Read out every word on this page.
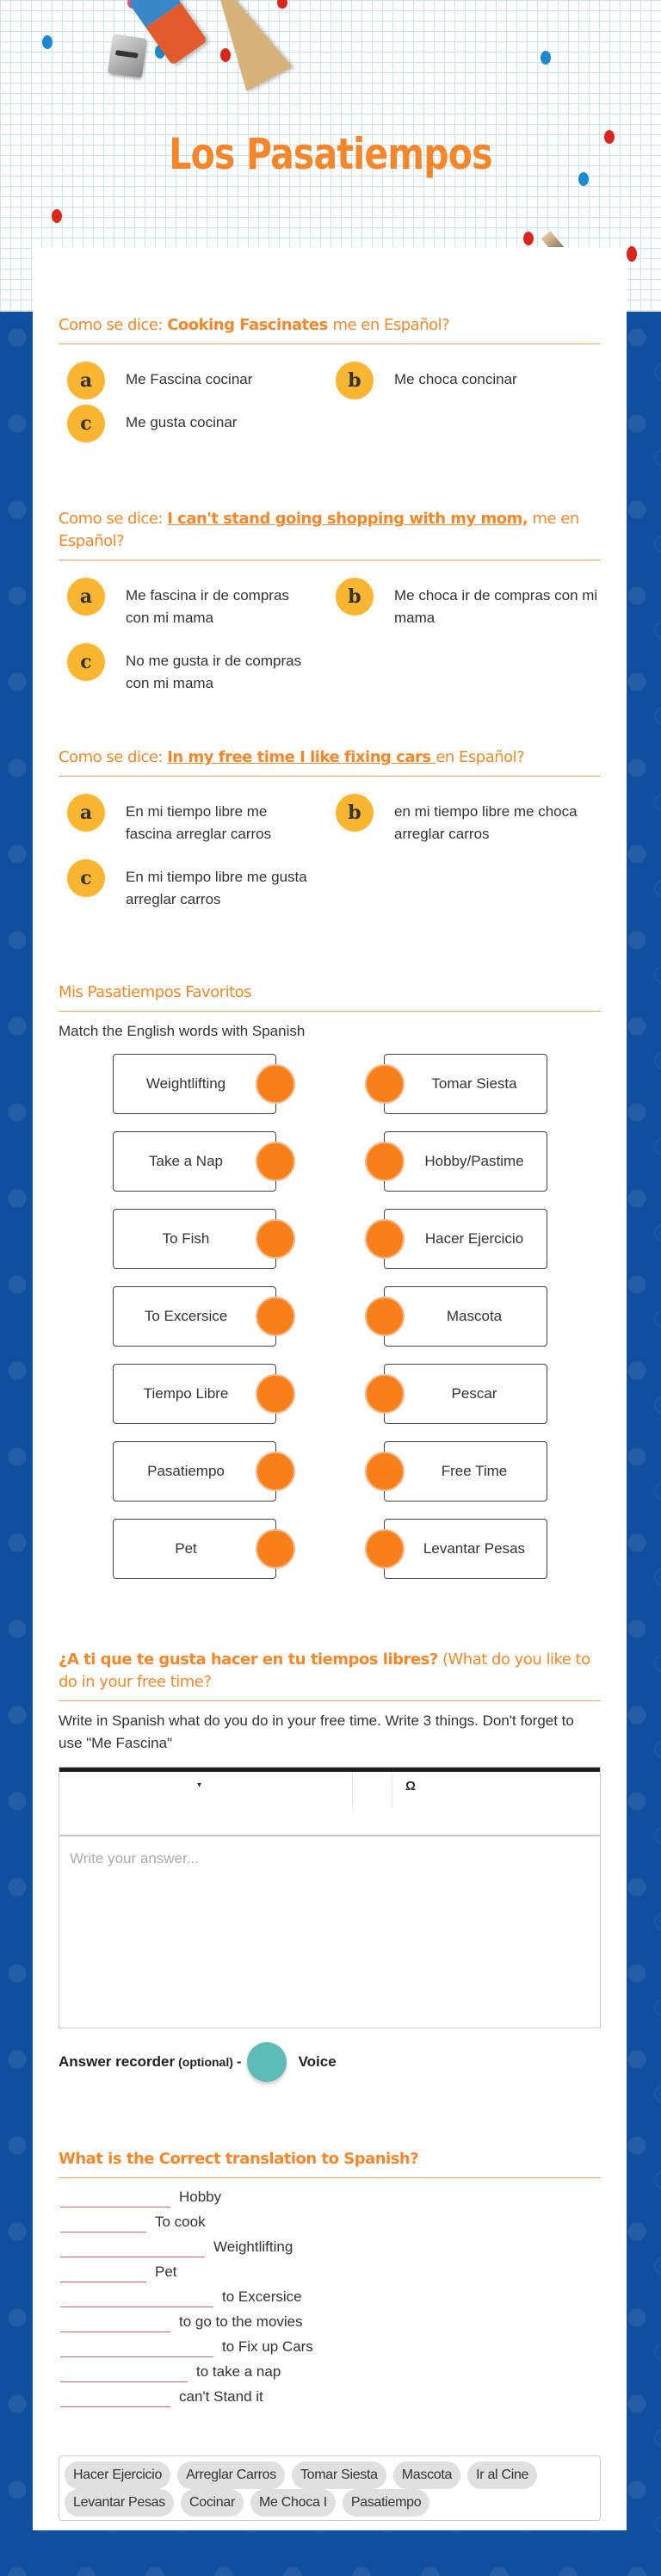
Los Pasatiempos
Como se dice: Cooking Fascinates me en Español?
a	Me Fascina cocinar	b	Me choca concinar
c	Me gusta cocinar
Como se dice: I can't stand going shopping with my mom, me en Español?
a	Me fascina ir de compras con mi mama
b	Me choca ir de compras con mi mama
c	No me gusta ir de compras con mi mama
Como se dice: In my free time I like fixing cars en Español?
a	En mi tiempo libre me fascina arreglar carros
b	en mi tiempo libre me choca arreglar carros
c	En mi tiempo libre me gusta arreglar carros
Mis Pasatiempos Favoritos
Match the English words with Spanish
Weightlifting
Take a Nap
To Fish
To Excersice
Tiempo Libre
Pasatiempo
Pet
Tomar Siesta
Hobby/Pastime
Hacer Ejercicio
Mascota
Pescar
Free Time
Levantar Pesas
¿A ti que te gusta hacer en tu tiempos libres? (What do you like to do in your free time?
Write in Spanish what do you do in your free time. Write 3 things. Don't forget to use "Me Fascina"
▾	Ω
Write your answer...
Answer recorder (optional) -	Voice
What is the Correct translation to Spanish?
Hobby
To cook
Weightlifting
Pet
to Excersice
to go to the movies
to Fix up Cars
to take a nap
can't Stand it
Hacer Ejercicio	Arreglar Carros	Tomar Siesta	Mascota	Ir al Cine
Levantar Pesas	Cocinar	Me Choca I	Pasatiempo
